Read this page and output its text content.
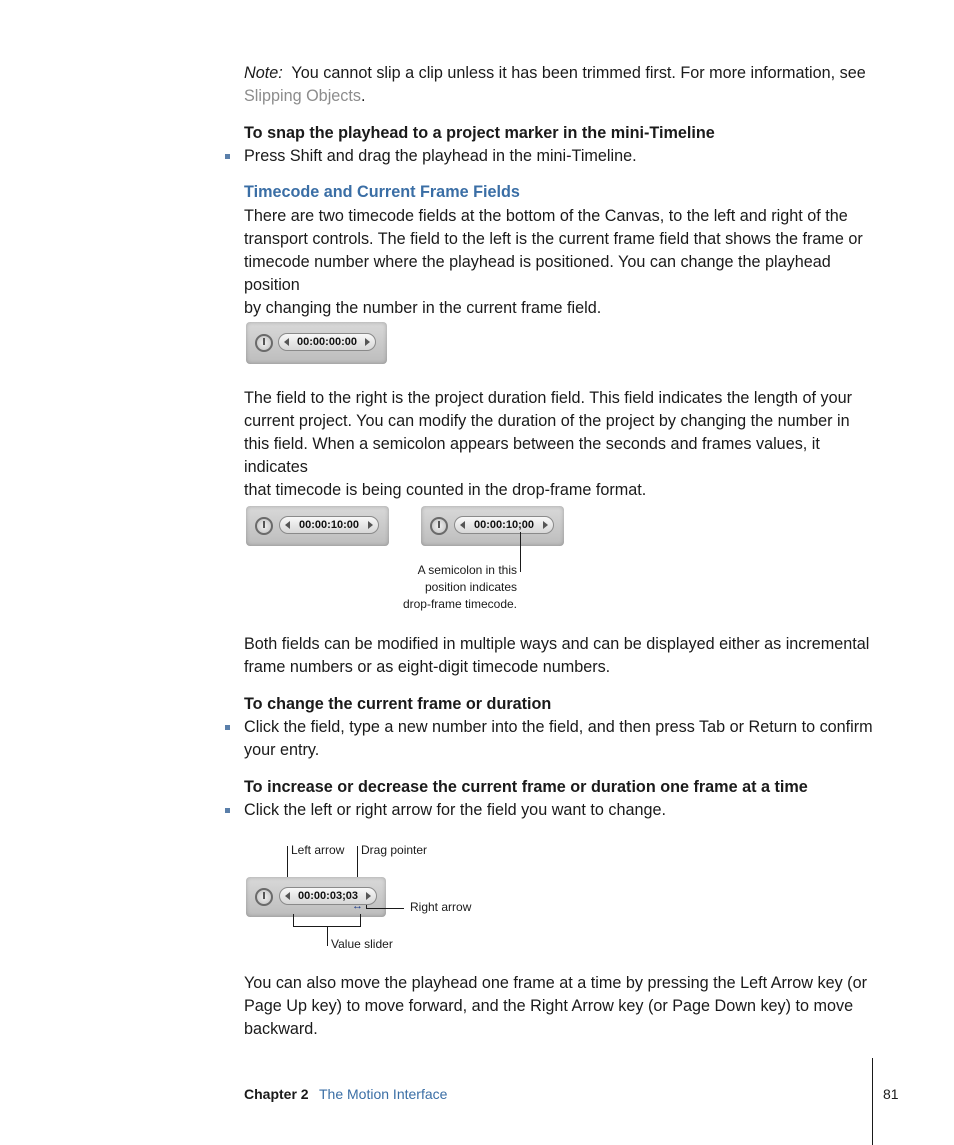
Note: You cannot slip a clip unless it has been trimmed first. For more information, see
Slipping Objects.
To snap the playhead to a project marker in the mini-Timeline
Press Shift and drag the playhead in the mini-Timeline.
Timecode and Current Frame Fields
There are two timecode fields at the bottom of the Canvas, to the left and right of the
transport controls. The field to the left is the current frame field that shows the frame or
timecode number where the playhead is positioned. You can change the playhead position
by changing the number in the current frame field.
00:00:00:00
The field to the right is the project duration field. This field indicates the length of your
current project. You can modify the duration of the project by changing the number in
this field. When a semicolon appears between the seconds and frames values, it indicates
that timecode is being counted in the drop-frame format.
00:00:10:00	00:00:10;00
A semicolon in this
position indicates
drop-frame timecode.
Both fields can be modified in multiple ways and can be displayed either as incremental
frame numbers or as eight-digit timecode numbers.
To change the current frame or duration
Click the field, type a new number into the field, and then press Tab or Return to confirm
your entry.
To increase or decrease the current frame or duration one frame at a time
Click the left or right arrow for the field you want to change.
Left arrow Drag pointer
00:00:03;03
↔	Right arrow
Value slider
You can also move the playhead one frame at a time by pressing the Left Arrow key (or
Page Up key) to move forward, and the Right Arrow key (or Page Down key) to move
backward.
Chapter 2 The Motion Interface	81
